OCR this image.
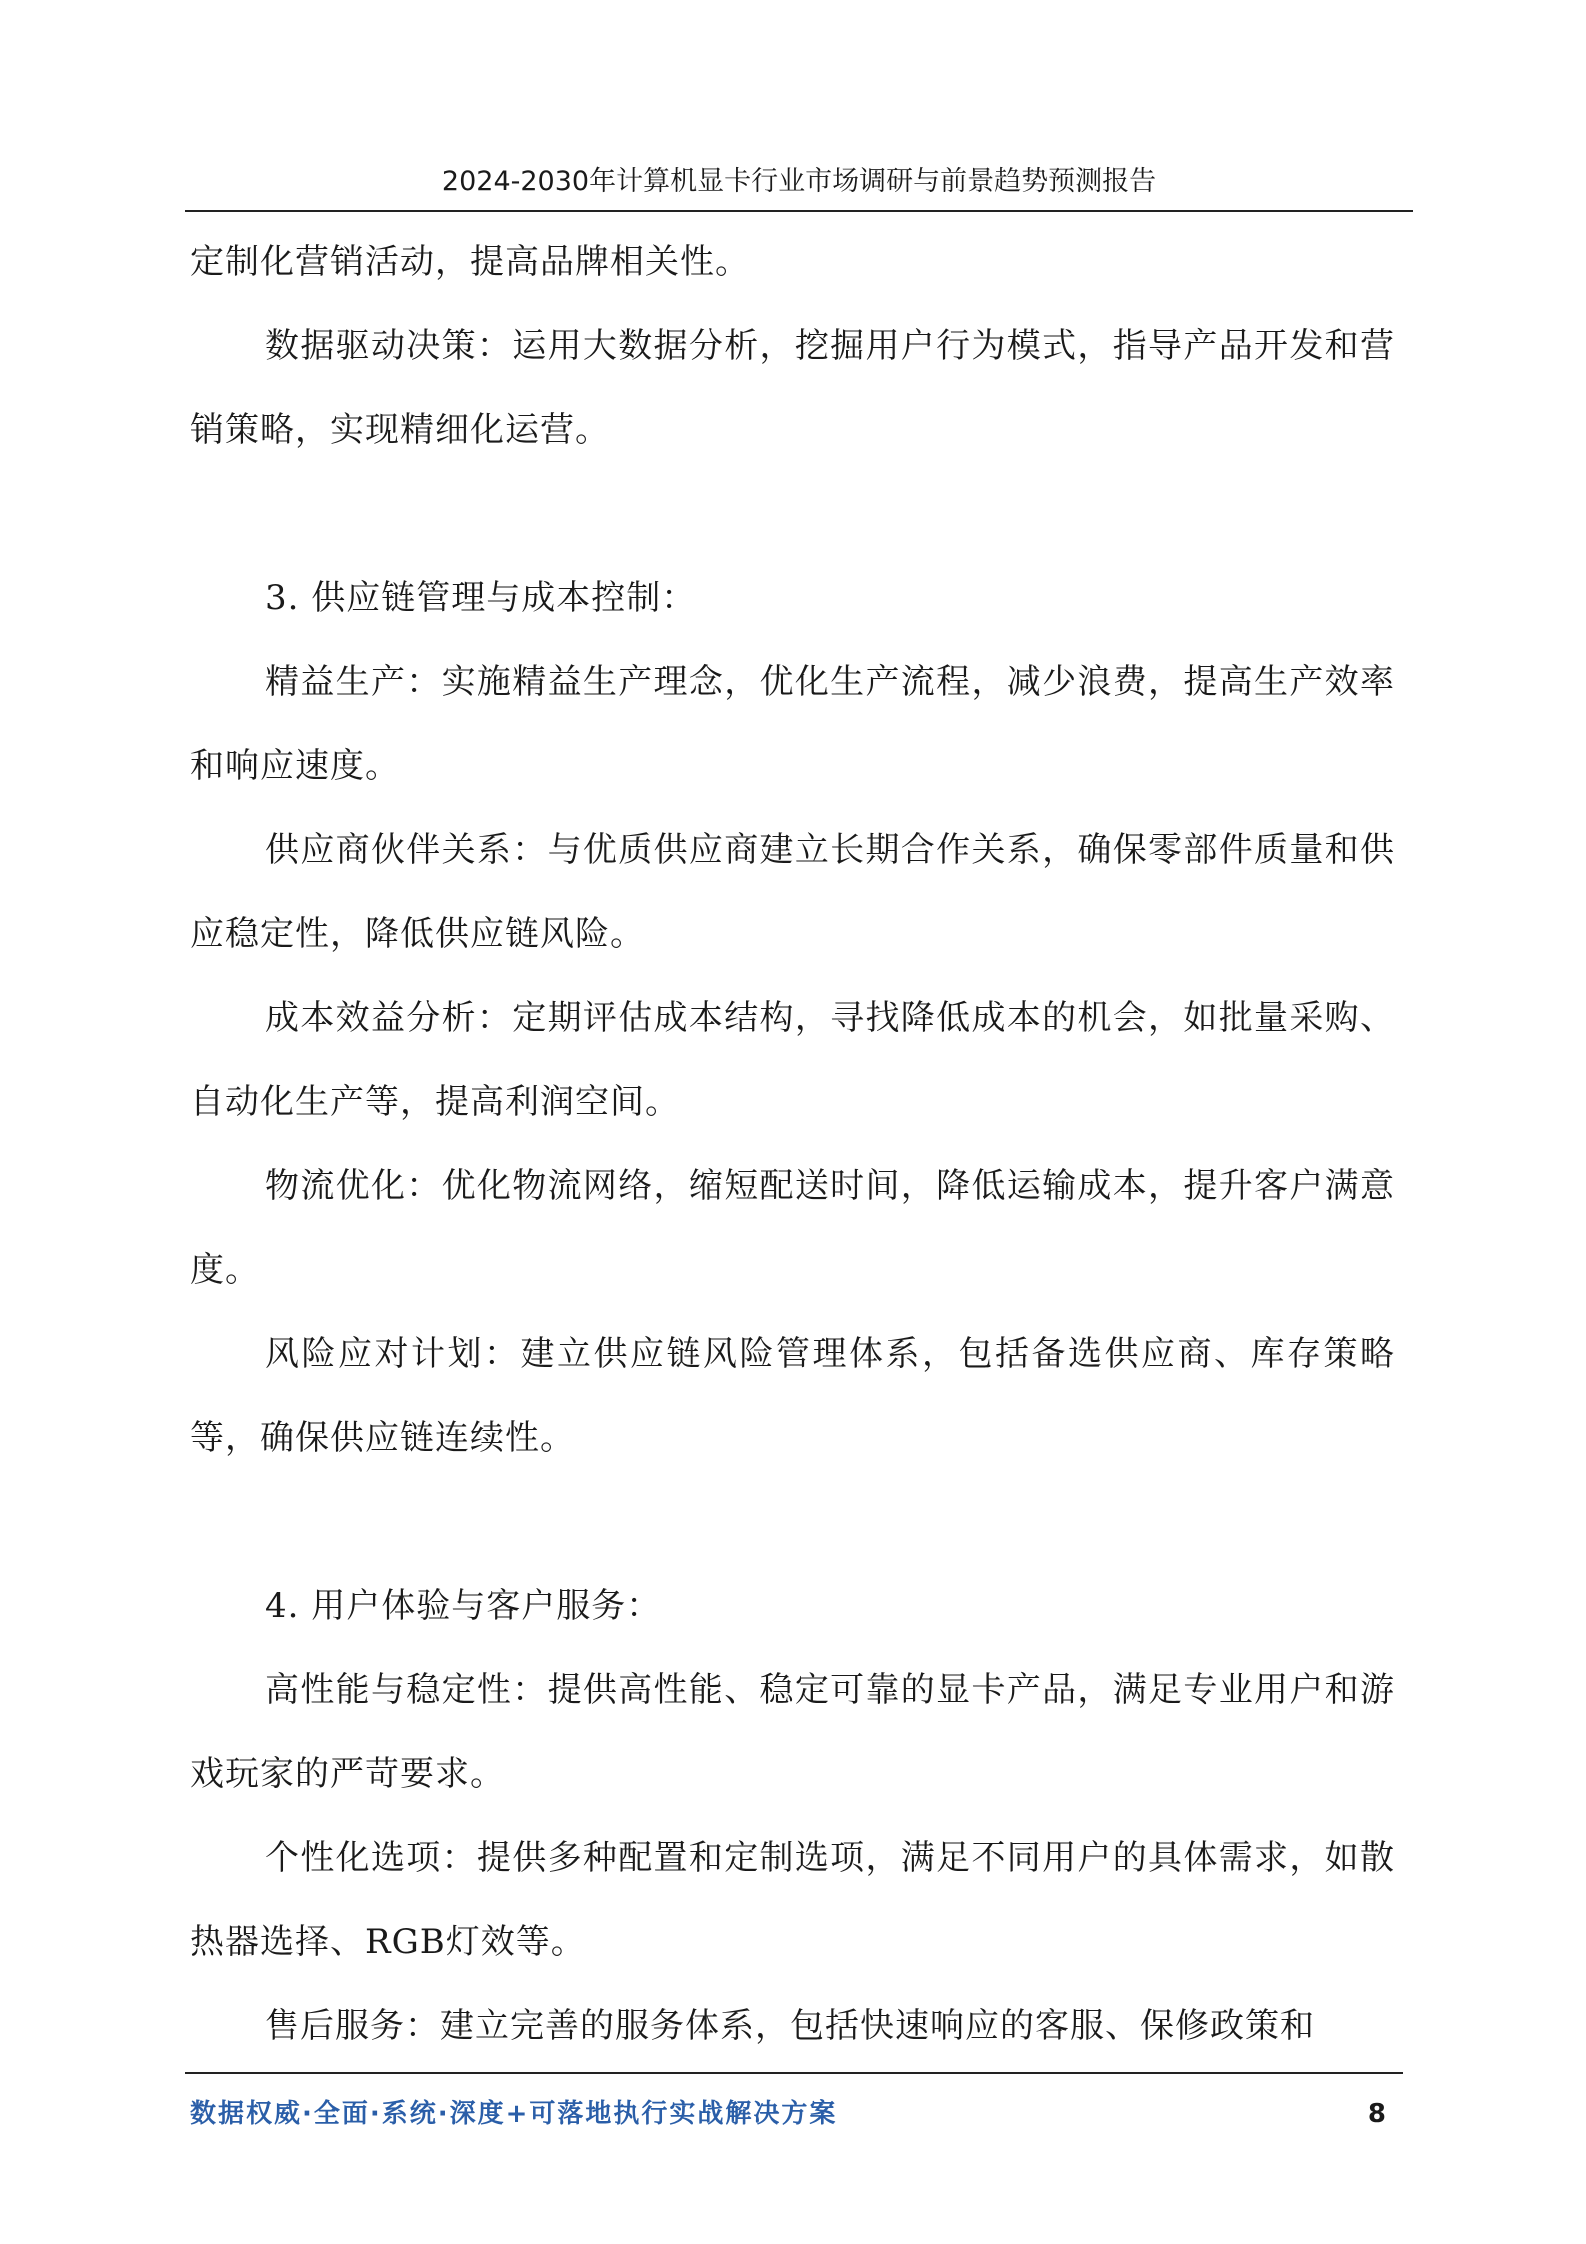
2024-2030年计算机显卡行业市场调研与前景趋势预测报告

定制化营销活动，提高品牌相关性。

数据驱动决策：运用大数据分析，挖掘用户行为模式，指导产品开发和营销策略，实现精细化运营。

3. 供应链管理与成本控制：

精益生产：实施精益生产理念，优化生产流程，减少浪费，提高生产效率和响应速度。

供应商伙伴关系：与优质供应商建立长期合作关系，确保零部件质量和供应稳定性，降低供应链风险。

成本效益分析：定期评估成本结构，寻找降低成本的机会，如批量采购、自动化生产等，提高利润空间。

物流优化：优化物流网络，缩短配送时间，降低运输成本，提升客户满意度。

风险应对计划：建立供应链风险管理体系，包括备选供应商、库存策略等，确保供应链连续性。

4. 用户体验与客户服务：

高性能与稳定性：提供高性能、稳定可靠的显卡产品，满足专业用户和游戏玩家的严苛要求。

个性化选项：提供多种配置和定制选项，满足不同用户的具体需求，如散热器选择、RGB灯效等。

售后服务：建立完善的服务体系，包括快速响应的客服、保修政策和

数据权威·全面·系统·深度+可落地执行实战解决方案	8
